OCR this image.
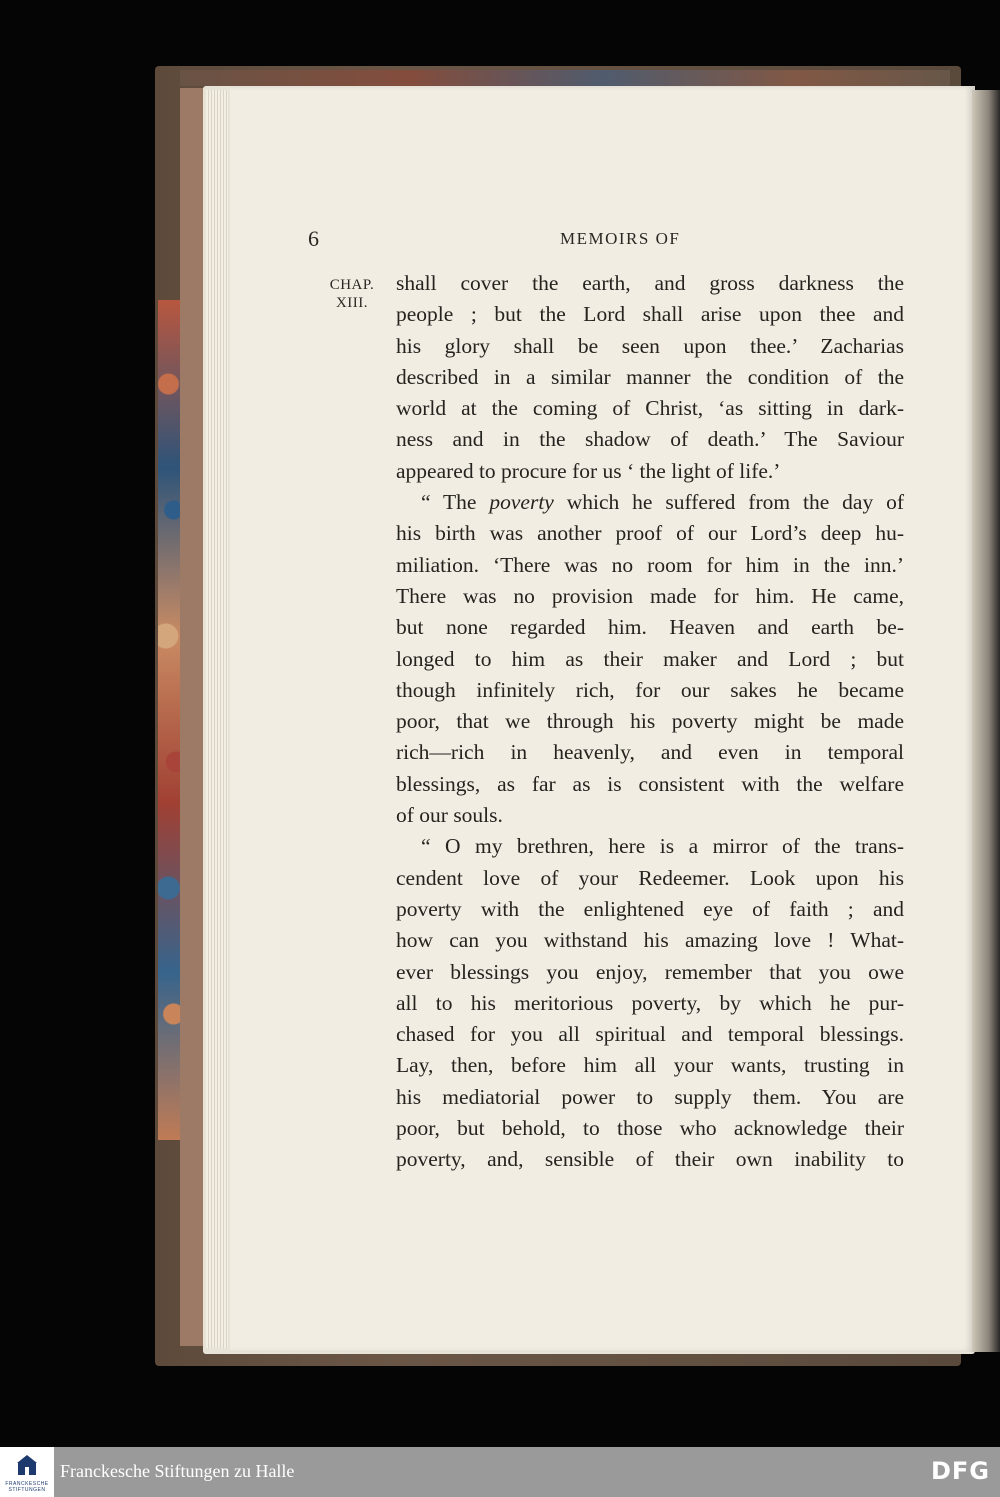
6	MEMOIRS OF
CHAP.
XIII.
shall cover the earth, and gross darkness the
people ; but the Lord shall arise upon thee and
his glory shall be seen upon thee.’ Zacharias
described in a similar manner the condition of the
world at the coming of Christ, ‘as sitting in dark-
ness and in the shadow of death.’ The Saviour
appeared to procure for us ‘ the light of life.’
“ The poverty which he suffered from the day of
his birth was another proof of our Lord’s deep hu-
miliation. ‘There was no room for him in the inn.’
There was no provision made for him. He came,
but none regarded him. Heaven and earth be-
longed to him as their maker and Lord ; but
though infinitely rich, for our sakes he became
poor, that we through his poverty might be made
rich—rich in heavenly, and even in temporal
blessings, as far as is consistent with the welfare
of our souls.
“ O my brethren, here is a mirror of the trans-
cendent love of your Redeemer. Look upon his
poverty with the enlightened eye of faith ; and
how can you withstand his amazing love ! What-
ever blessings you enjoy, remember that you owe
all to his meritorious poverty, by which he pur-
chased for you all spiritual and temporal blessings.
Lay, then, before him all your wants, trusting in
his mediatorial power to supply them. You are
poor, but behold, to those who acknowledge their
poverty, and, sensible of their own inability to
FRANCKESCHE
STIFTUNGEN
Franckesche Stiftungen zu Halle	DFG
